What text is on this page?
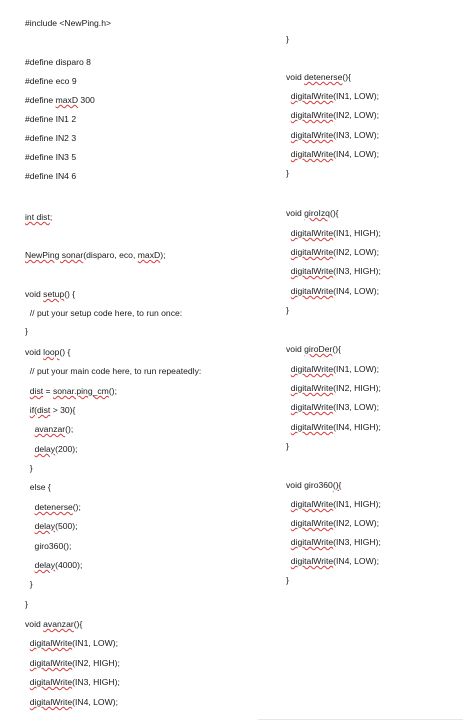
#include <NewPing.h>
#define disparo 8
#define eco 9
#define maxD 300
#define IN1 2
#define IN2 3
#define IN3 5
#define IN4 6
int dist;
NewPing sonar(disparo, eco, maxD);
void setup() {
// put your setup code here, to run once:
}
void loop() {
// put your main code here, to run repeatedly:
dist = sonar.ping_cm();
if(dist > 30){
avanzar();
delay(200);
}
else {
detenerse();
delay(500);
giro360();
delay(4000);
}
}
void avanzar(){
digitalWrite(IN1, LOW);
digitalWrite(IN2, HIGH);
digitalWrite(IN3, HIGH);
digitalWrite(IN4, LOW);
}
void detenerse(){
digitalWrite(IN1, LOW);
digitalWrite(IN2, LOW);
digitalWrite(IN3, LOW);
digitalWrite(IN4, LOW);
}
void giroIzq(){
digitalWrite(IN1, HIGH);
digitalWrite(IN2, LOW);
digitalWrite(IN3, HIGH);
digitalWrite(IN4, LOW);
}
void giroDer(){
digitalWrite(IN1, LOW);
digitalWrite(IN2, HIGH);
digitalWrite(IN3, LOW);
digitalWrite(IN4, HIGH);
}
void giro360(){
digitalWrite(IN1, HIGH);
digitalWrite(IN2, LOW);
digitalWrite(IN3, HIGH);
digitalWrite(IN4, LOW);
}
